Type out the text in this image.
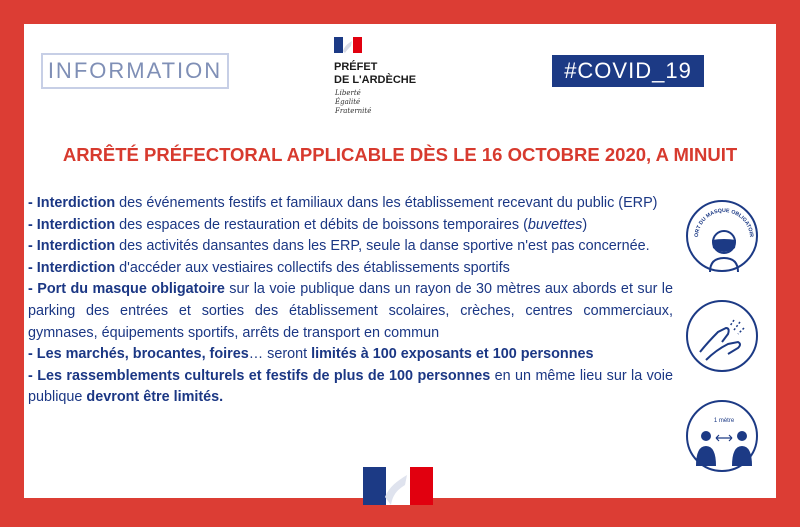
INFORMATION	PRÉFET
DE L'ARDÈCHE
Liberté
Égalité
Fraternité
#COVID_19
ARRÊTÉ PRÉFECTORAL APPLICABLE DÈS LE 16 OCTOBRE 2020, A MINUIT

- Interdiction des événements festifs et familiaux dans les établissement recevant du public (ERP)

- Interdiction des espaces de restauration et débits de boissons temporaires (buvettes)

- Interdiction des activités dansantes dans les ERP, seule la danse sportive n'est pas concernée.

- Interdiction d'accéder aux vestiaires collectifs des établissements sportifs

- Port du masque obligatoire sur la voie publique dans un rayon de 30 mètres aux abords et sur le parking des entrées et sorties des établissement scolaires, crèches, centres commerciaux, gymnases, équipements sportifs, arrêts de transport en commun

- Les marchés, brocantes, foires… seront limités à 100 exposants et 100 personnes

- Les rassemblements culturels et festifs de plus de 100 personnes en un même lieu sur la voie publique devront être limités.

ORT DU MASQUE OBLIGATOIR
1 mètre
